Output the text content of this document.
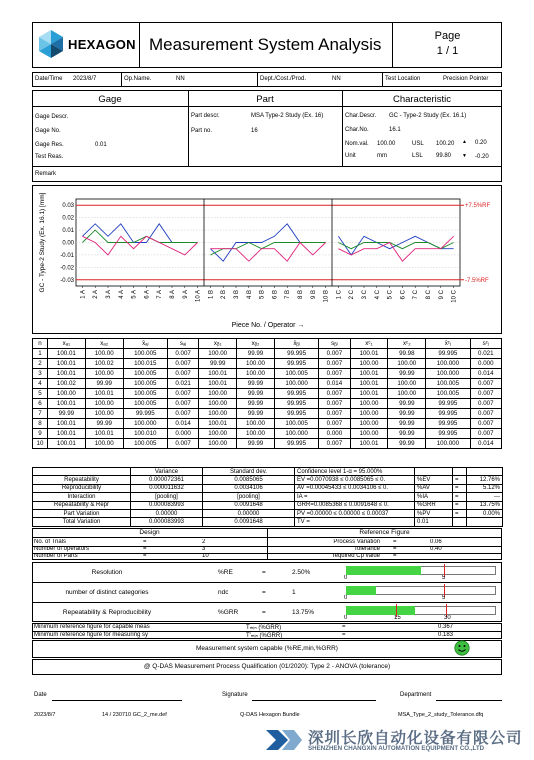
HEXAGON Measurement System Analysis	Page
1 / 1
Date/Time 2023/8/7	Op.Name.	NN	Dept./Cost./Prod.	NN	Test Location	Precision Pointer
Gage	Part	Characteristic
Gage Descr.
Gage No.
Gage Res.	0.01
Test Reas.
Part descr.	MSA Type-2 Study (Ex. 16)
Part no.	16
Char.Descr. GC - Type-2 Study (Ex. 16.1)
Char.No.	16.1
Nom.val. 100.00	USL 100.20 ▲ 0.20
Unit	mm	LSL 99.80 ▼ -0.20
Remark
0.03
0.02
0.01
0.00
-0.01
-0.02
-0.03
+7.5%RF
-7.5%RF
1 A 2 A 3 A 4 A 5 A 6 A 7 A 8 A 9 A 10 A 1 B 2 B 3 B 4 B 5 B 6 B 7 B 8 B 9 B 10 B 1 C 2 C 3 C 4 C 5 C 6 C 7 C 8 C 9 C 10 C
GC - Type-2 Study (Ex. 16.1) [mm]
Piece No. / Operator →
n	xₐ₁	xₐ₂	x̄ₐⱼ	sₐⱼ	xᵦ₁	xᵦ₂	x̄ᵦⱼ	sᵦⱼ	xᶜ₁	xᶜ₂	x̄ᶜⱼ	sᶜⱼ
1	100.01	100.00	100.005	0.007	100.00	99.99	99.995	0.007	100.01	99.98	99.995	0.021
2	100.01	100.02	100.015	0.007	99.99	100.00	99.995	0.007	100.00	100.00	100.000	0.000
3	100.01	100.00	100.005	0.007	100.01	100.00	100.005	0.007	100.01	99.99	100.000	0.014
4	100.02	99.99	100.005	0.021	100.01	99.99	100.000	0.014	100.01	100.00	100.005	0.007
5	100.00	100.01	100.005	0.007	100.00	99.99	99.995	0.007	100.01	100.00	100.005	0.007
6	100.01	100.00	100.005	0.007	100.00	99.99	99.995	0.007	100.00	99.99	99.995	0.007
7	99.99	100.00	99.995	0.007	100.00	99.99	99.995	0.007	100.00	99.99	99.995	0.007
8	100.01	99.99	100.000	0.014	100.01	100.00	100.005	0.007	100.00	99.99	99.995	0.007
9	100.01	100.01	100.010	0.000	100.00	100.00	100.000	0.000	100.00	99.99	99.995	0.007
10	100.01	100.00	100.005	0.007	100.00	99.99	99.995	0.007	100.01	99.99	100.000	0.014
	Variance	Standard dev.	Confidence level 1-α = 95.000%			
Repeatability	0.000072361	0.0085065	EV =0.0070938 ≤ 0.0085065 ≤ 0.	%EV	=	12.76%
Reproducibility	0.000011632	0.0034106	AV =0.00045433 ≤ 0.0034106 ≤ 0.	%AV	=	5.12%
Interaction	[pooling]	[pooling]	IA =	%IA	=	---
Repeatability & Repr	0.000083993	0.0091648	GRR=0.0085368 ≤ 0.0091648 ≤ 0.	%GRR	=	13.75%
Part Variation	0.00000	0.00000	PV =0.00000 ≤ 0.00000 ≤ 0.00037	%PV	=	0.00%
Total Variation	0.000083993	0.0091648	TV =	0.01		
Design	Reference Figure
Measurement system capable (%RE,min,%GRR)
@ Q-DAS Measurement Process Qualification (01/2020): Type 2 - ANOVA (tolerance)
Date	Signature	Department
2023/8/7	14 / 230710 GC_2_me.def	Q-DAS Hexagon Bundle	MSA_Type_2_study_Tolerance.dfq
深圳长欣自动化设备有限公司
SHENZHEN CHANGXIN AUTOMATION EQUIPMENT CO.,LTD
No. of Trials	=	2	Process Variation =	0.06
Number of operators	=	3	Tolerance =	0.40
Number of Parts	=	10	required Cp value =
Resolution	%RE	=	2.50%
0	5
number of distinct categories	ndc	=	1
0	5
Repeatability & Reproducibility	%GRR	=	13.75%
0	15	30
Minimum reference figure for capable meas	Tₘᵢₙ (%GRR)	=	0.367
Minimum reference figure for measuring sy	T'ₘᵢₙ (%GRR)	=	0.183
